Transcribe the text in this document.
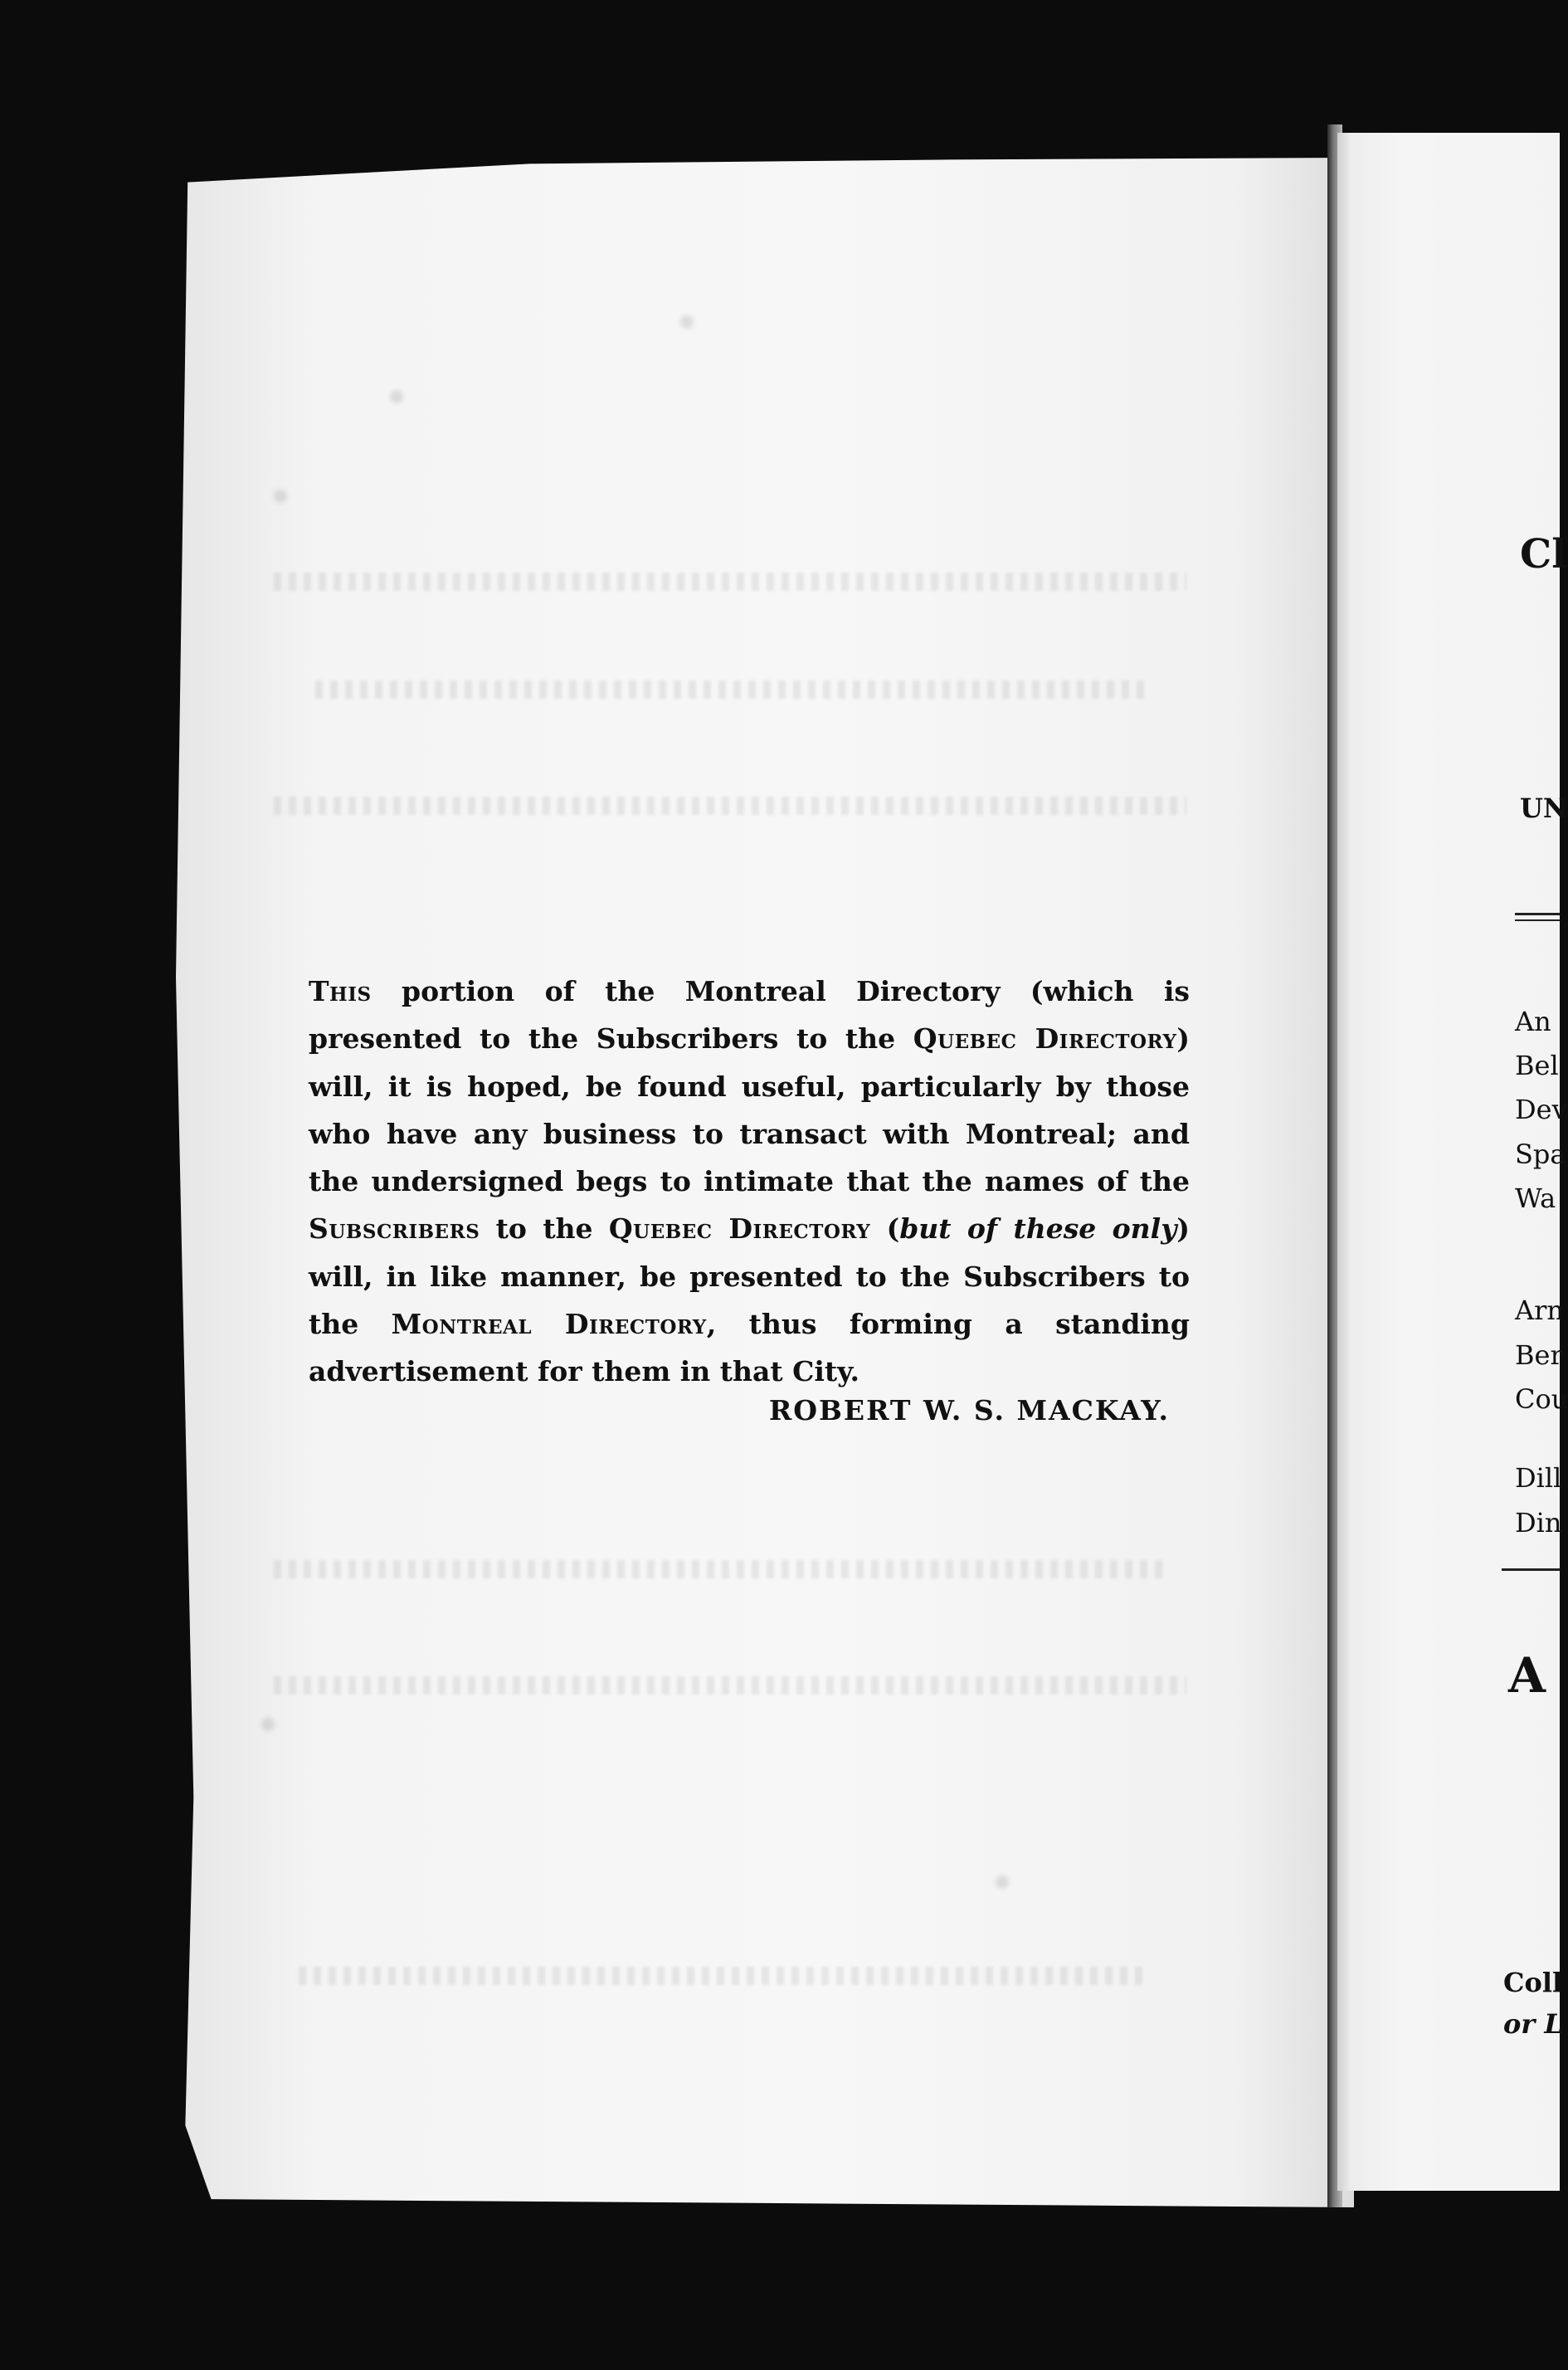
This portion of the Montreal Directory (which is presented to the Subscribers to the Quebec Directory) will, it is hoped, be found useful, particularly by those who have any business to transact with Montreal; and the undersigned begs to intimate that the names of the Subscribers to the Quebec Directory (but of these only) will, in like manner, be presented to the Subscribers to the Montreal Directory, thus forming a standing advertisement for them in that City.
ROBERT W. S. MACKAY.
Cl
UN
An
Bel
Dev
Spa
Wa
Arn
Ber
Cou
Dill
Din
A
Coll
or L
